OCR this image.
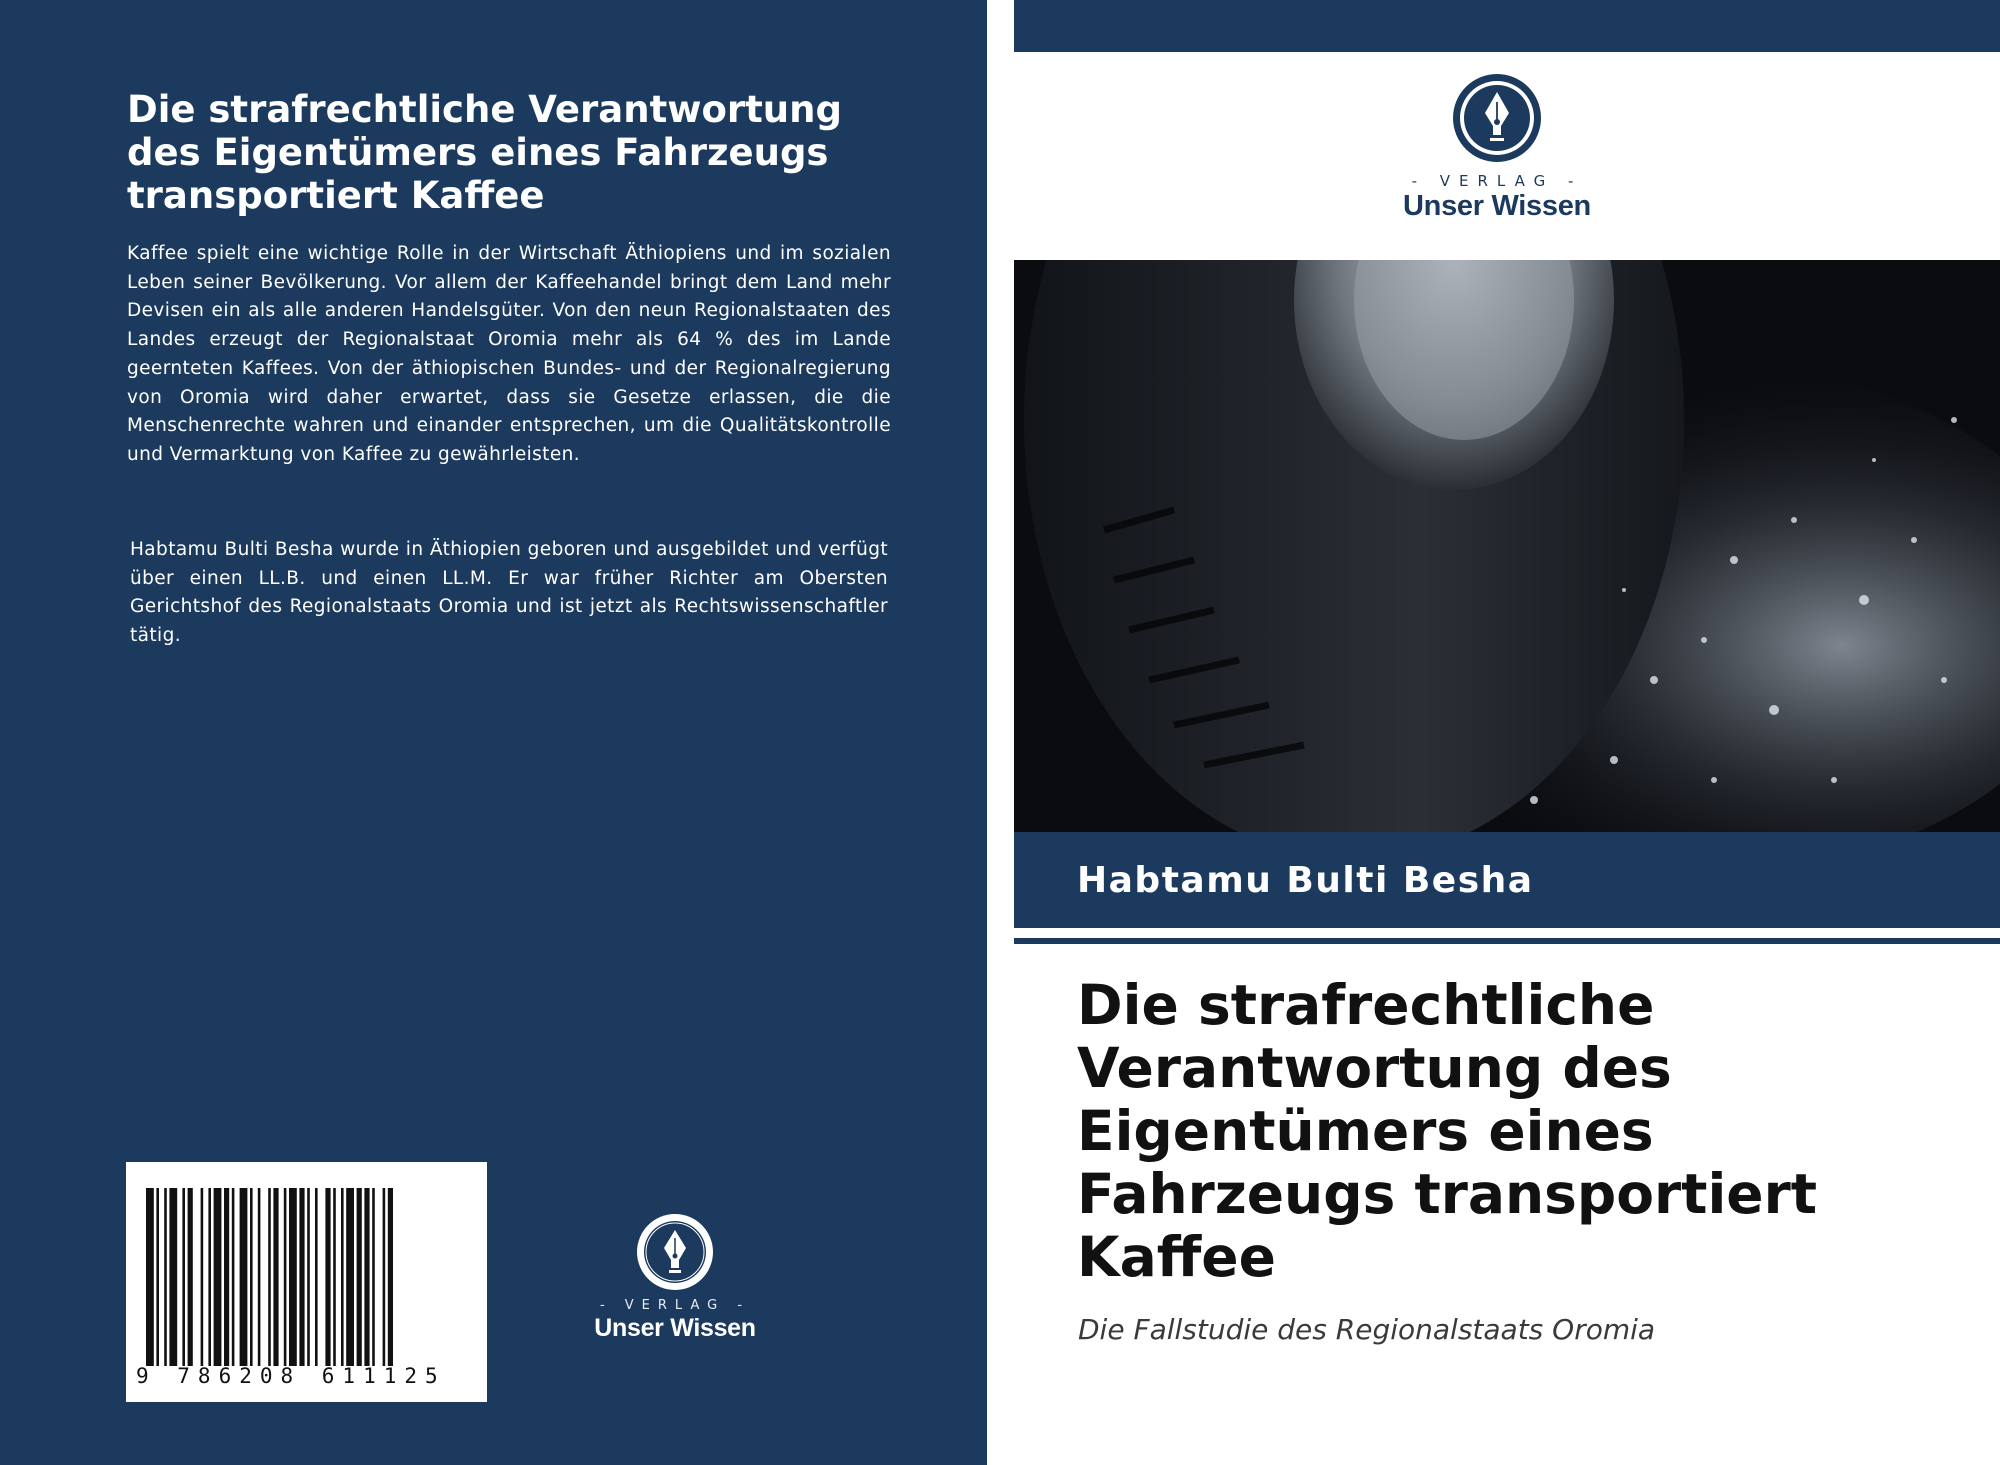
Die strafrechtliche Verantwortung des Eigentümers eines Fahrzeugs transportiert Kaffee
Kaffee spielt eine wichtige Rolle in der Wirtschaft Äthiopiens und im sozialen Leben seiner Bevölkerung. Vor allem der Kaffeehandel bringt dem Land mehr Devisen ein als alle anderen Handelsgüter. Von den neun Regionalstaaten des Landes erzeugt der Regionalstaat Oromia mehr als 64 % des im Lande geernteten Kaffees. Von der äthiopischen Bundes- und der Regionalregierung von Oromia wird daher erwartet, dass sie Gesetze erlassen, die die Menschenrechte wahren und einander entsprechen, um die Qualitätskontrolle und Vermarktung von Kaffee zu gewährleisten.
Habtamu Bulti Besha wurde in Äthiopien geboren und ausgebildet und verfügt über einen LL.B. und einen LL.M. Er war früher Richter am Obersten Gerichtshof des Regionalstaats Oromia und ist jetzt als Rechtswissenschaftler tätig.
9 786208 611125
- VERLAG -
Unser Wissen
- VERLAG -
Unser Wissen
Habtamu Bulti Besha
Die strafrechtliche Verantwortung des Eigentümers eines Fahrzeugs transportiert Kaffee
Die Fallstudie des Regionalstaats Oromia
